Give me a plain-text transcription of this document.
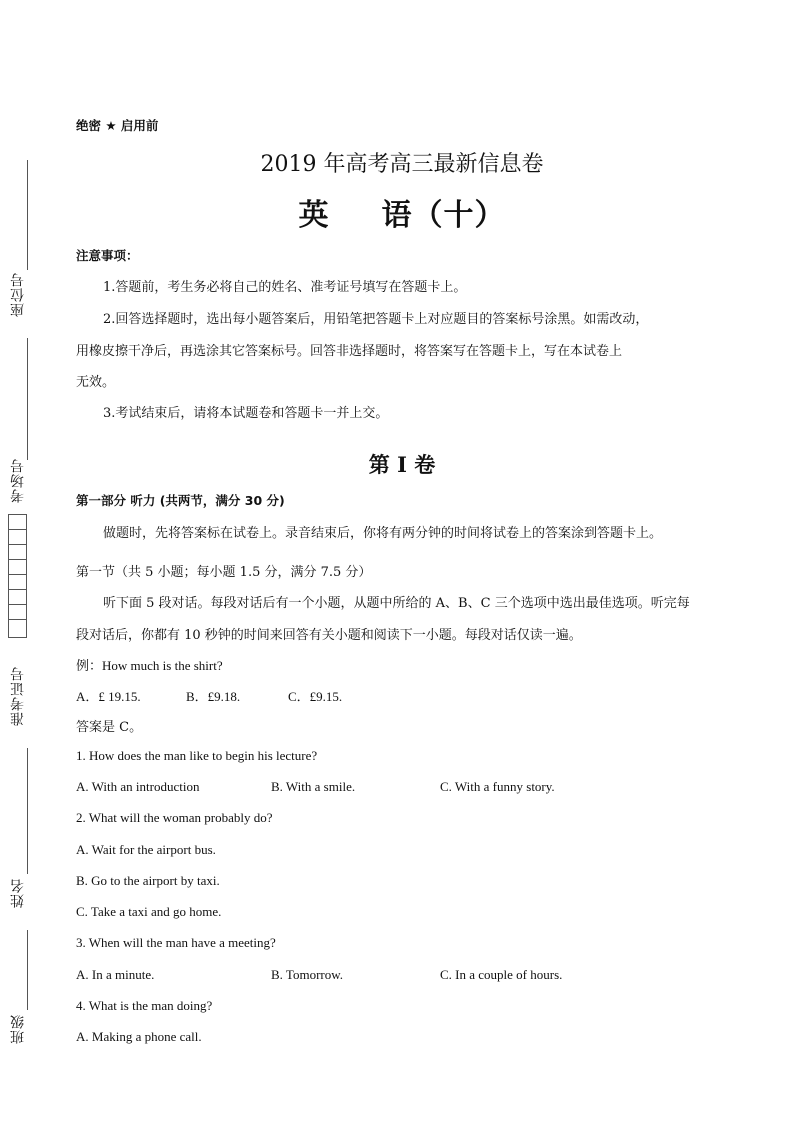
座位号
考场号
准考证号
姓名
班级
绝密 ★ 启用前
2019 年高考高三最新信息卷
英 语（十）
注意事项：
1.答题前，考生务必将自己的姓名、准考证号填写在答题卡上。
2.回答选择题时，选出每小题答案后，用铅笔把答题卡上对应题目的答案标号涂黑。如需改动，
用橡皮擦干净后，再选涂其它答案标号。回答非选择题时，将答案写在答题卡上，写在本试卷上
无效。
3.考试结束后，请将本试题卷和答题卡一并上交。
第 I 卷
第一部分 听力 (共两节，满分 30 分)
做题时，先将答案标在试卷上。录音结束后，你将有两分钟的时间将试卷上的答案涂到答题卡上。
第一节（共 5 小题；每小题 1.5 分，满分 7.5 分）
听下面 5 段对话。每段对话后有一个小题，从题中所给的 A、B、C 三个选项中选出最佳选项。听完每
段对话后，你都有 10 秒钟的时间来回答有关小题和阅读下一小题。每段对话仅读一遍。
例：How much is the shirt?
A．£ 19.15.	B．£9.18.	C．£9.15.
答案是 C。
1. How does the man like to begin his lecture?
A. With an introduction	B. With a smile.	C. With a funny story.
2. What will the woman probably do?
A. Wait for the airport bus.
B. Go to the airport by taxi.
C. Take a taxi and go home.
3. When will the man have a meeting?
A. In a minute.	B. Tomorrow.	C. In a couple of hours.
4. What is the man doing?
A. Making a phone call.
